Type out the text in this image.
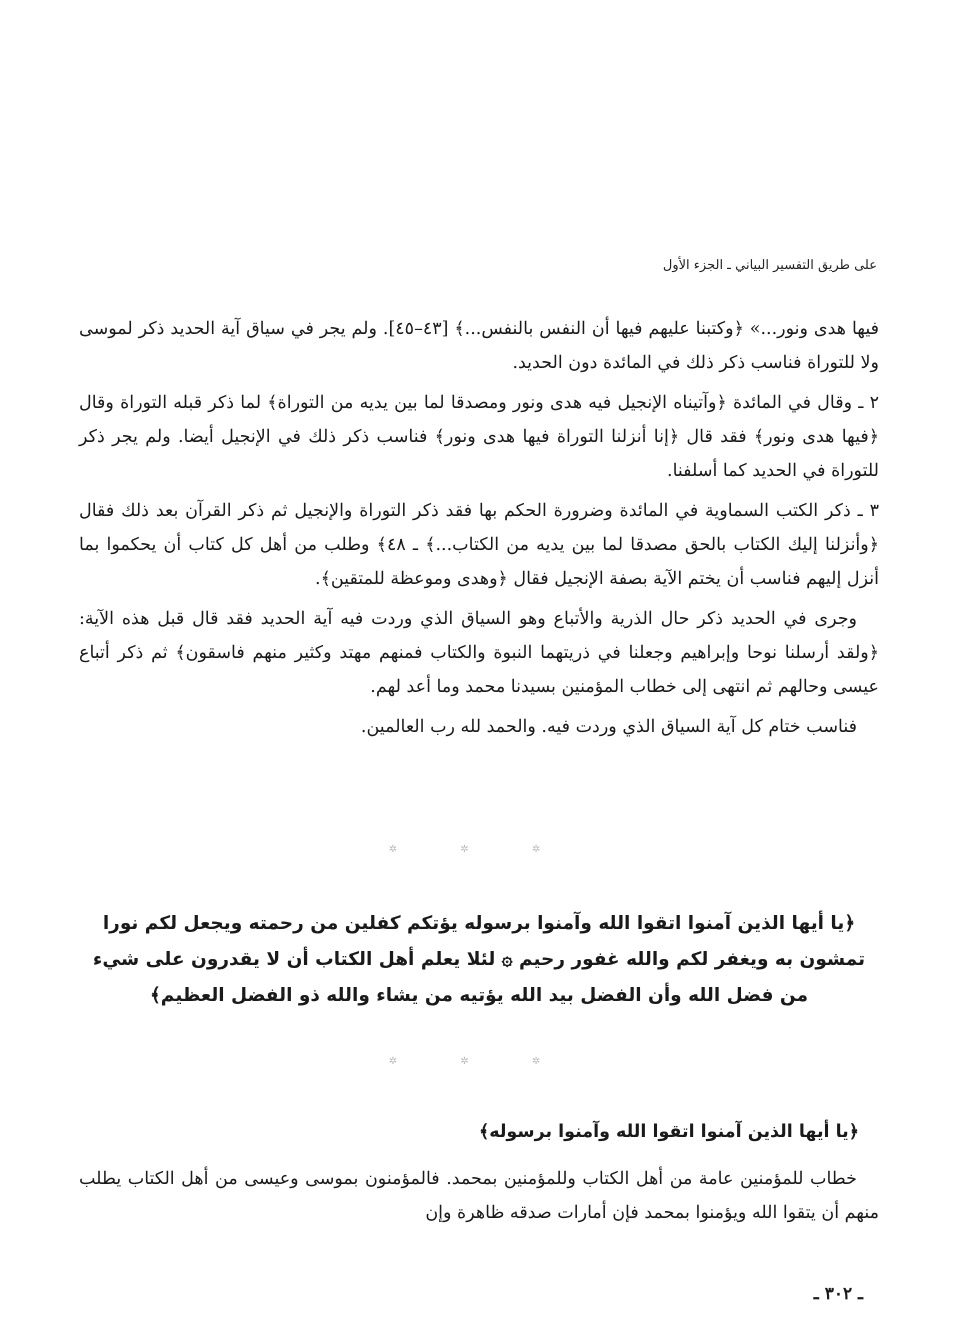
على طريق التفسير البياني ـ الجزء الأول

فيها هدى ونور...» ﴿وكتبنا عليهم فيها أن النفس بالنفس...﴾ [٤٣–٤٥]. ولم يجر في سياق آية الحديد ذكر لموسى ولا للتوراة فناسب ذكر ذلك في المائدة دون الحديد.

٢ ـ وقال في المائدة ﴿وآتيناه الإنجيل فيه هدى ونور ومصدقا لما بين يديه من التوراة﴾ لما ذكر قبله التوراة وقال ﴿فيها هدى ونور﴾ فقد قال ﴿إنا أنزلنا التوراة فيها هدى ونور﴾ فناسب ذكر ذلك في الإنجيل أيضا. ولم يجر ذكر للتوراة في الحديد كما أسلفنا.

٣ ـ ذكر الكتب السماوية في المائدة وضرورة الحكم بها فقد ذكر التوراة والإنجيل ثم ذكر القرآن بعد ذلك فقال ﴿وأنزلنا إليك الكتاب بالحق مصدقا لما بين يديه من الكتاب...﴾ ـ ٤٨﴾ وطلب من أهل كل كتاب أن يحكموا بما أنزل إليهم فناسب أن يختم الآية بصفة الإنجيل فقال ﴿وهدى وموعظة للمتقين﴾.

وجرى في الحديد ذكر حال الذرية والأتباع وهو السياق الذي وردت فيه آية الحديد فقد قال قبل هذه الآية: ﴿ولقد أرسلنا نوحا وإبراهيم وجعلنا في ذريتهما النبوة والكتاب فمنهم مهتد وكثير منهم فاسقون﴾ ثم ذكر أتباع عيسى وحالهم ثم انتهى إلى خطاب المؤمنين بسيدنا محمد وما أعد لهم.

فناسب ختام كل آية السياق الذي وردت فيه. والحمد لله رب العالمين.

✲ ✲ ✲
﴿يا أيها الذين آمنوا اتقوا الله وآمنوا برسوله يؤتكم كفلين من رحمته ويجعل لكم نورا تمشون به ويغفر لكم والله غفور رحيم ۞ لئلا يعلم أهل الكتاب أن لا يقدرون على شيء من فضل الله وأن الفضل بيد الله يؤتيه من يشاء والله ذو الفضل العظيم﴾
✲ ✲ ✲
﴿يا أيها الذين آمنوا اتقوا الله وآمنوا برسوله﴾

خطاب للمؤمنين عامة من أهل الكتاب وللمؤمنين بمحمد. فالمؤمنون بموسى وعيسى من أهل الكتاب يطلب منهم أن يتقوا الله ويؤمنوا بمحمد فإن أمارات صدقه ظاهرة وإن

ـ ٣٠٢ ـ
